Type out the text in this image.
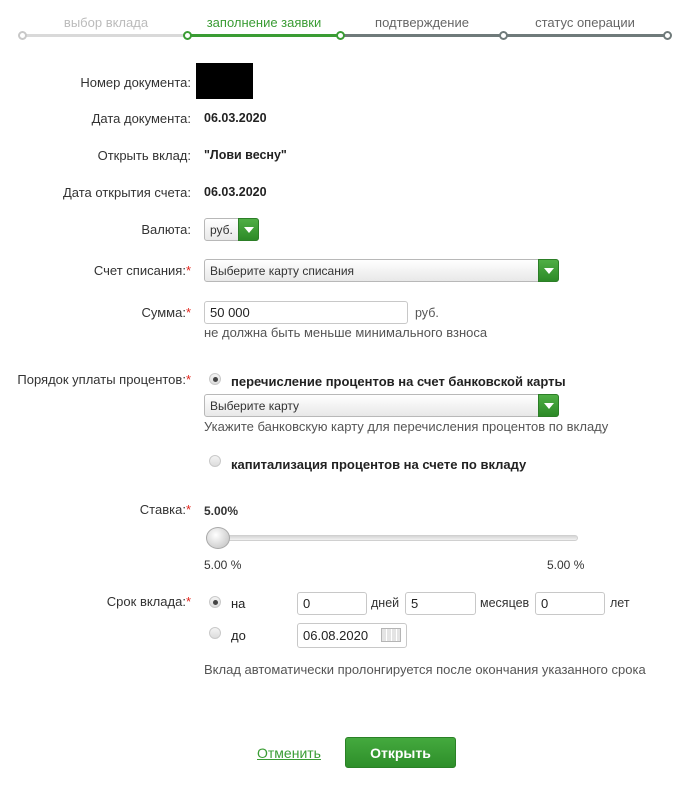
выбор вклада	заполнение заявки	подтверждение	статус операции
Номер документа:
Дата документа: 06.03.2020
Открыть вклад: "Лови весну"
Дата открытия счета: 06.03.2020
Валюта:	руб.
Счет списания:*	Выберите карту списания
Сумма:*	50 000	руб.
не должна быть меньше минимального взноса
Порядок уплаты процентов:*	перечисление процентов на счет банковской карты
Выберите карту
Укажите банковскую карту для перечисления процентов по вкладу
капитализация процентов на счете по вкладу
Ставка:* 5.00%
5.00 %	5.00 %
Срок вклада:*	на	0	дней 5	месяцев 0	лет
до	06.08.2020
Вклад автоматически пролонгируется после окончания указанного срока
Отменить	Открыть
